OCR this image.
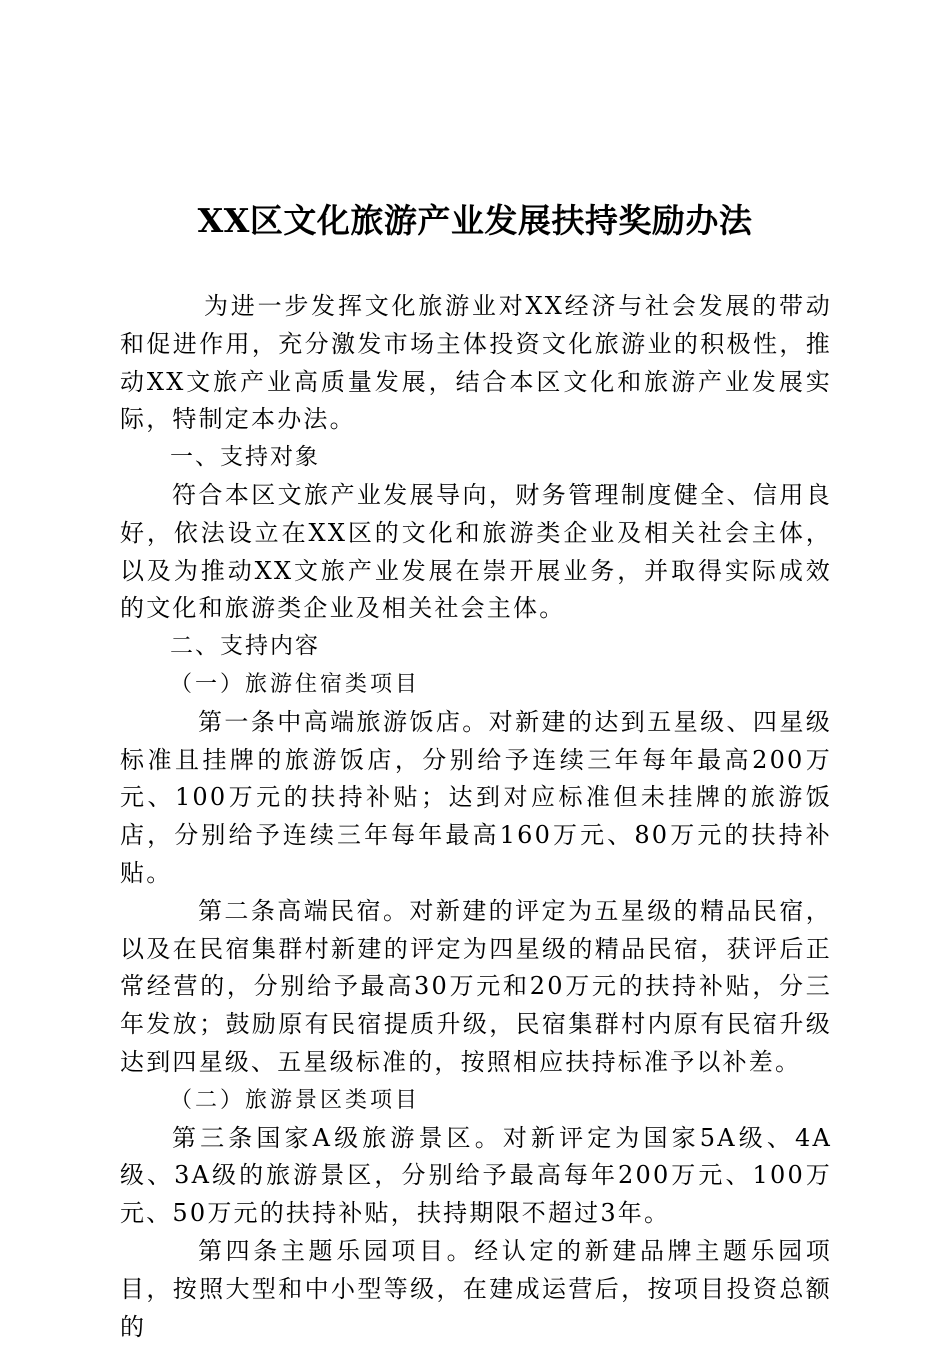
XX区文化旅游产业发展扶持奖励办法

为进一步发挥文化旅游业对XX经济与社会发展的带动和促进作用，充分激发市场主体投资文化旅游业的积极性，推动XX文旅产业高质量发展，结合本区文化和旅游产业发展实际，特制定本办法。

一、支持对象

符合本区文旅产业发展导向，财务管理制度健全、信用良好，依法设立在XX区的文化和旅游类企业及相关社会主体，以及为推动XX文旅产业发展在崇开展业务，并取得实际成效的文化和旅游类企业及相关社会主体。

二、支持内容

（一）旅游住宿类项目

第一条中高端旅游饭店。对新建的达到五星级、四星级标准且挂牌的旅游饭店，分别给予连续三年每年最高200万元、100万元的扶持补贴；达到对应标准但未挂牌的旅游饭店，分别给予连续三年每年最高160万元、80万元的扶持补贴。

第二条高端民宿。对新建的评定为五星级的精品民宿，以及在民宿集群村新建的评定为四星级的精品民宿，获评后正常经营的，分别给予最高30万元和20万元的扶持补贴，分三年发放；鼓励原有民宿提质升级，民宿集群村内原有民宿升级达到四星级、五星级标准的，按照相应扶持标准予以补差。

（二）旅游景区类项目

第三条国家A级旅游景区。对新评定为国家5A级、4A级、3A级的旅游景区，分别给予最高每年200万元、100万元、50万元的扶持补贴，扶持期限不超过3年。

第四条主题乐园项目。经认定的新建品牌主题乐园项目，按照大型和中小型等级，在建成运营后，按项目投资总额的
